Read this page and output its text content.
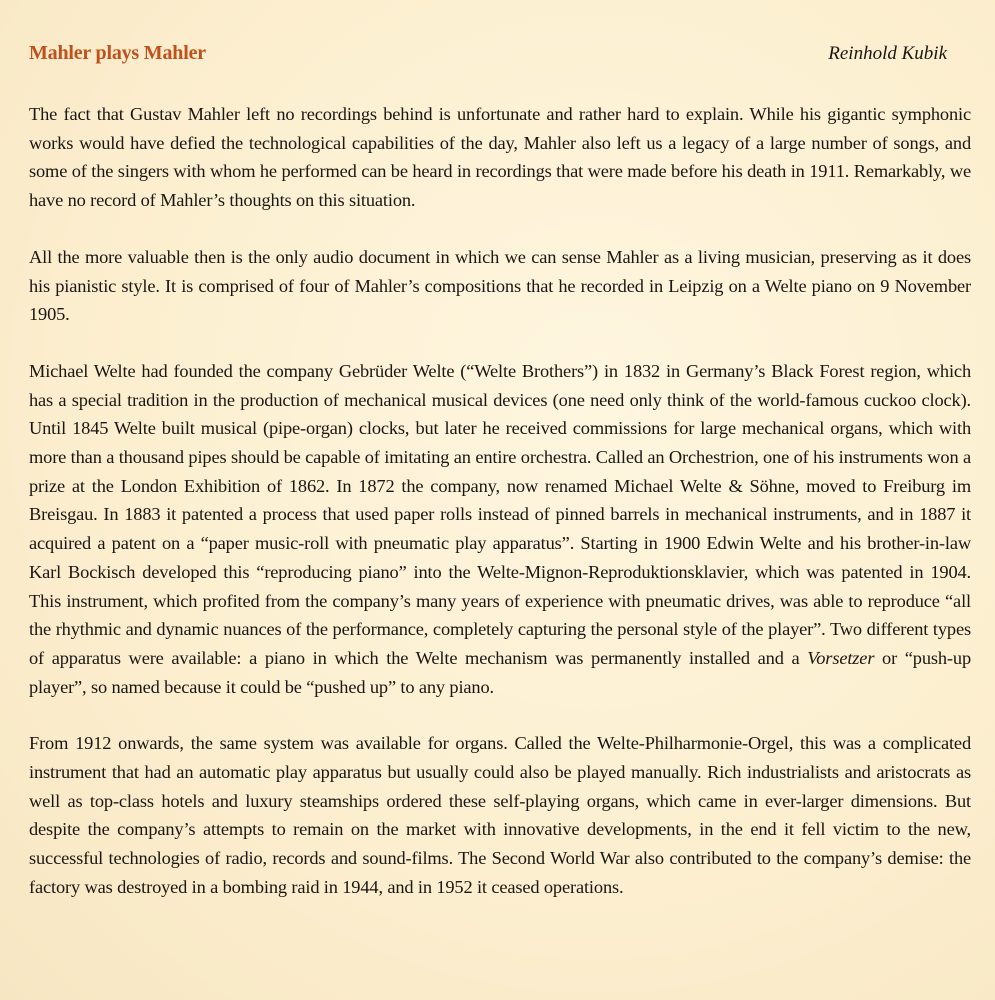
Mahler plays Mahler	Reinhold Kubik

The fact that Gustav Mahler left no recordings behind is unfortunate and rather hard to explain. While his gigantic symphonic works would have defied the technological capabilities of the day, Mahler also left us a legacy of a large number of songs, and some of the singers with whom he performed can be heard in recordings that were made before his death in 1911. Remarkably, we have no record of Mahler’s thoughts on this situation.

All the more valuable then is the only audio document in which we can sense Mahler as a living musician, preserving as it does his pianistic style. It is comprised of four of Mahler’s compositions that he recorded in Leipzig on a Welte piano on 9 November 1905.

Michael Welte had founded the company Gebrüder Welte (“Welte Brothers”) in 1832 in Germany’s Black Forest region, which has a special tradition in the production of mechanical musical devices (one need only think of the world-famous cuckoo clock). Until 1845 Welte built musical (pipe-organ) clocks, but later he received commissions for large mechanical organs, which with more than a thousand pipes should be capable of imitating an entire orchestra. Called an Orchestrion, one of his instruments won a prize at the London Exhibition of 1862. In 1872 the company, now renamed Michael Welte & Söhne, moved to Freiburg im Breisgau. In 1883 it patented a process that used paper rolls instead of pinned barrels in mechanical instruments, and in 1887 it acquired a patent on a “paper music-roll with pneumatic play apparatus”. Starting in 1900 Edwin Welte and his brother-in-law Karl Bockisch developed this “reproducing piano” into the Welte-Mignon-Reproduktionsklavier, which was patented in 1904. This instrument, which profited from the company’s many years of experience with pneumatic drives, was able to reproduce “all the rhythmic and dynamic nuances of the performance, completely capturing the personal style of the player”. Two different types of apparatus were available: a piano in which the Welte mechanism was permanently installed and a Vorsetzer or “push-up player”, so named because it could be “pushed up” to any piano.

From 1912 onwards, the same system was available for organs. Called the Welte-Philharmonie-Orgel, this was a complicated instrument that had an automatic play apparatus but usually could also be played manually. Rich industrialists and aristocrats as well as top-class hotels and luxury steamships ordered these self-playing organs, which came in ever-larger dimensions. But despite the company’s attempts to remain on the market with innovative developments, in the end it fell victim to the new, successful technologies of radio, records and sound-films. The Second World War also contributed to the company’s demise: the factory was destroyed in a bombing raid in 1944, and in 1952 it ceased operations.
